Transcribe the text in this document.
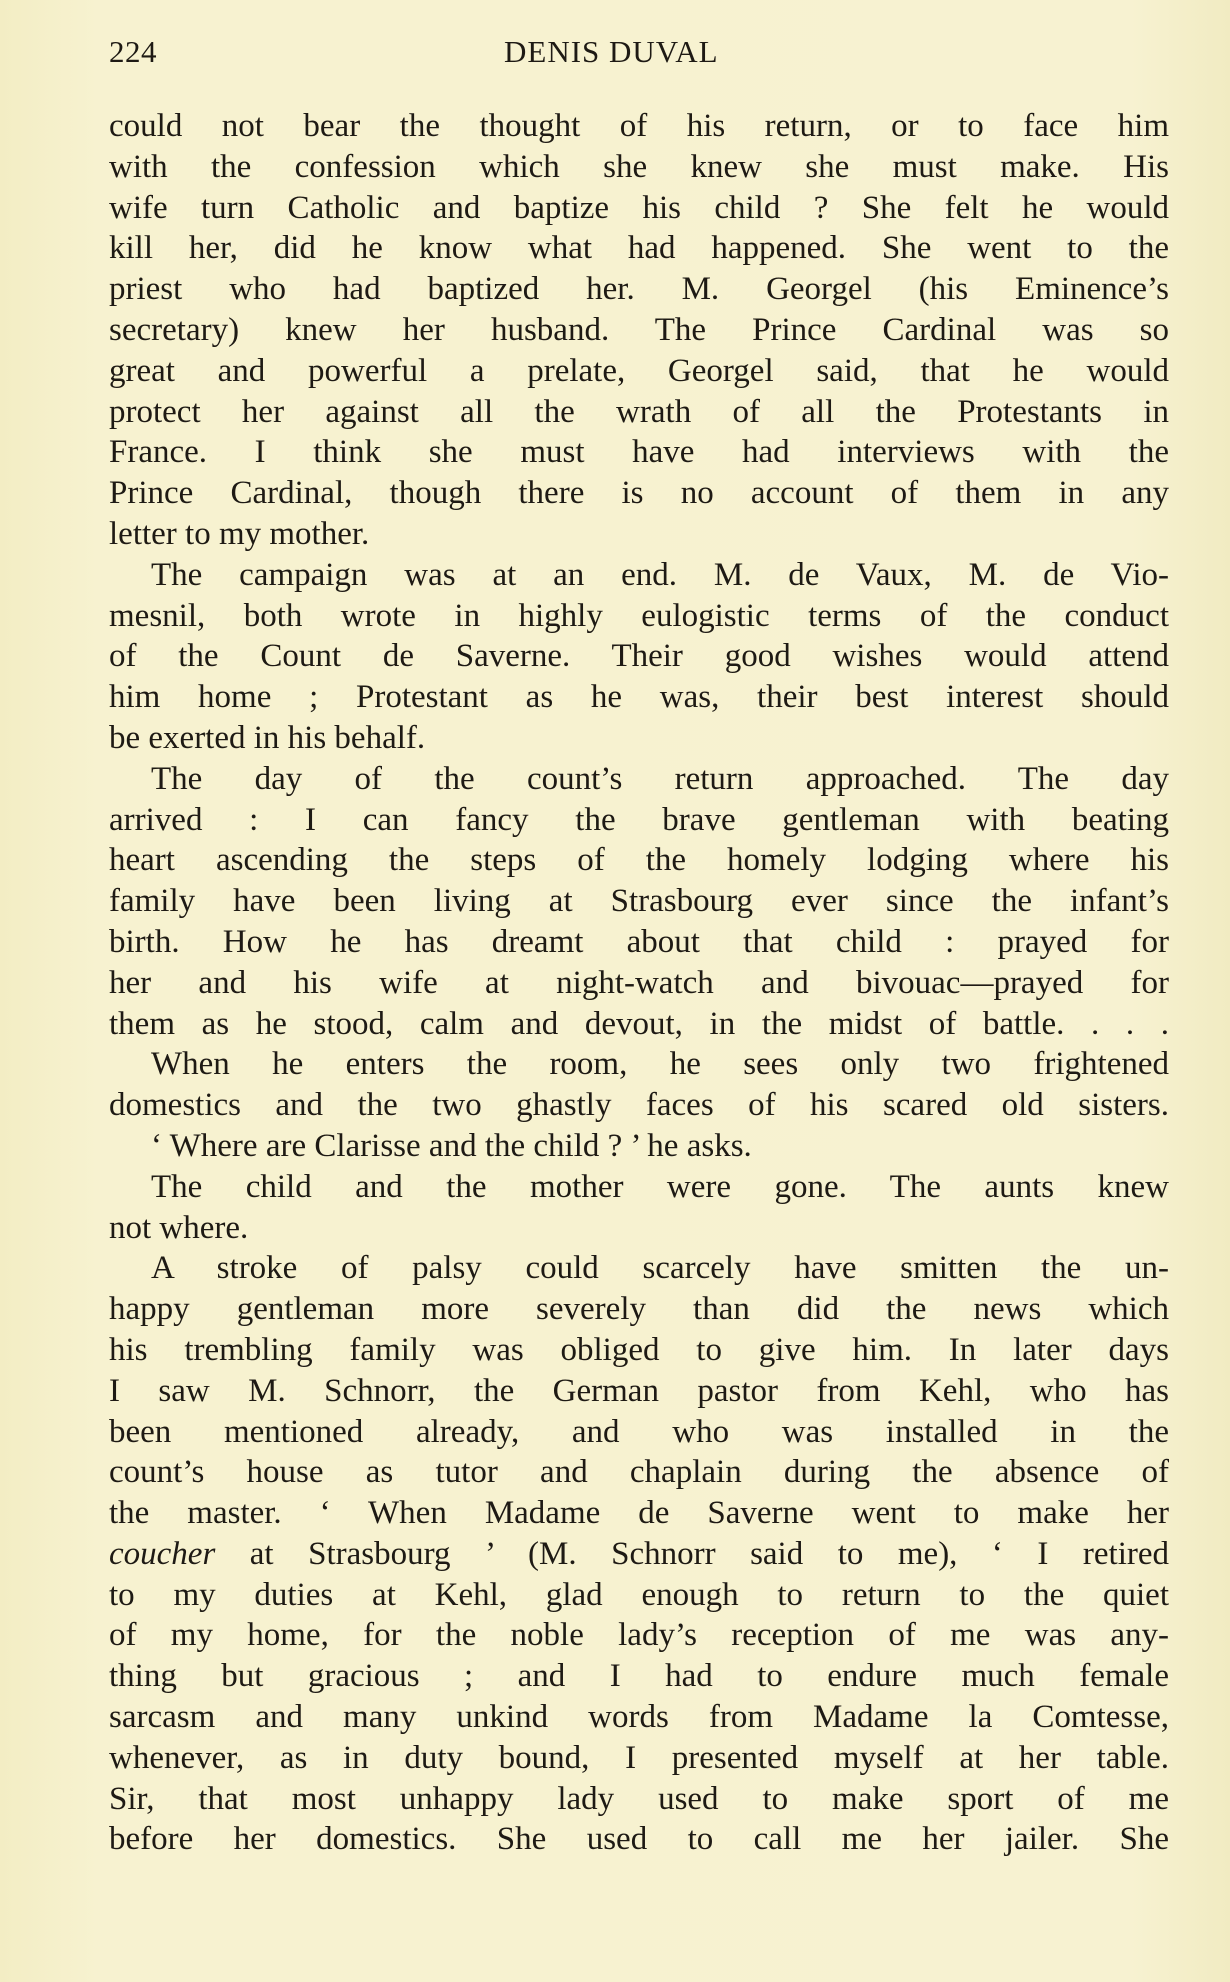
224	DENIS DUVAL
could not bear the thought of his return, or to face him
with the confession which she knew she must make. His
wife turn Catholic and baptize his child ? She felt he would
kill her, did he know what had happened. She went to the
priest who had baptized her. M. Georgel (his Eminence’s
secretary) knew her husband. The Prince Cardinal was so
great and powerful a prelate, Georgel said, that he would
protect her against all the wrath of all the Protestants in
France. I think she must have had interviews with the
Prince Cardinal, though there is no account of them in any
letter to my mother.
The campaign was at an end. M. de Vaux, M. de Vio-
mesnil, both wrote in highly eulogistic terms of the conduct
of the Count de Saverne. Their good wishes would attend
him home ; Protestant as he was, their best interest should
be exerted in his behalf.
The day of the count’s return approached. The day
arrived : I can fancy the brave gentleman with beating
heart ascending the steps of the homely lodging where his
family have been living at Strasbourg ever since the infant’s
birth. How he has dreamt about that child : prayed for
her and his wife at night-watch and bivouac—prayed for
them as he stood, calm and devout, in the midst of battle. . . .
When he enters the room, he sees only two frightened
domestics and the two ghastly faces of his scared old sisters.
‘ Where are Clarisse and the child ? ’ he asks.
The child and the mother were gone. The aunts knew
not where.
A stroke of palsy could scarcely have smitten the un-
happy gentleman more severely than did the news which
his trembling family was obliged to give him. In later days
I saw M. Schnorr, the German pastor from Kehl, who has
been mentioned already, and who was installed in the
count’s house as tutor and chaplain during the absence of
the master. ‘ When Madame de Saverne went to make her
coucher at Strasbourg ’ (M. Schnorr said to me), ‘ I retired
to my duties at Kehl, glad enough to return to the quiet
of my home, for the noble lady’s reception of me was any-
thing but gracious ; and I had to endure much female
sarcasm and many unkind words from Madame la Comtesse,
whenever, as in duty bound, I presented myself at her table.
Sir, that most unhappy lady used to make sport of me
before her domestics. She used to call me her jailer. She
